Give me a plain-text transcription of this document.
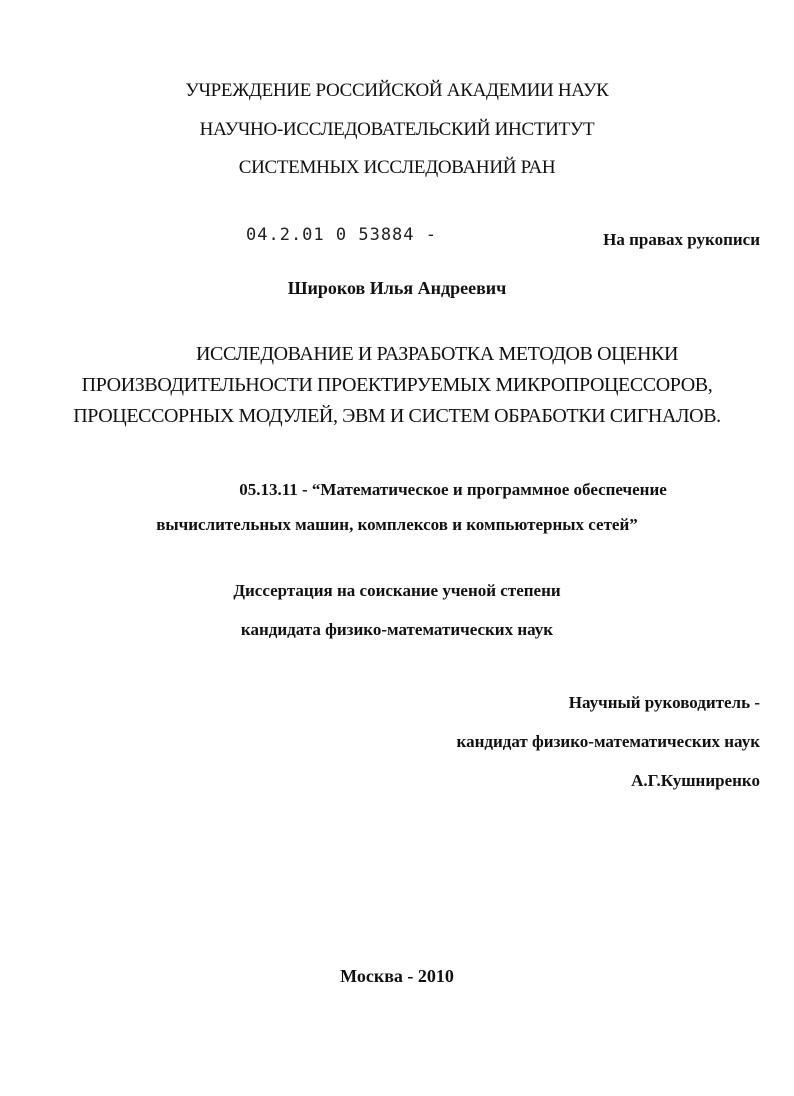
УЧРЕЖДЕНИЕ РОССИЙСКОЙ АКАДЕМИИ НАУК
НАУЧНО-ИССЛЕДОВАТЕЛЬСКИЙ ИНСТИТУТ
СИСТЕМНЫХ ИССЛЕДОВАНИЙ РАН
04.2.01 0 53884 -	На правах рукописи
Широков Илья Андреевич
ИССЛЕДОВАНИЕ И РАЗРАБОТКА МЕТОДОВ ОЦЕНКИ
ПРОИЗВОДИТЕЛЬНОСТИ ПРОЕКТИРУЕМЫХ МИКРОПРОЦЕССОРОВ,
ПРОЦЕССОРНЫХ МОДУЛЕЙ, ЭВМ И СИСТЕМ ОБРАБОТКИ СИГНАЛОВ.
05.13.11 - “Математическое и программное обеспечение
вычислительных машин, комплексов и компьютерных сетей”
Диссертация на соискание ученой степени
кандидата физико-математических наук
Научный руководитель -
кандидат физико-математических наук
А.Г.Кушниренко
Москва - 2010
